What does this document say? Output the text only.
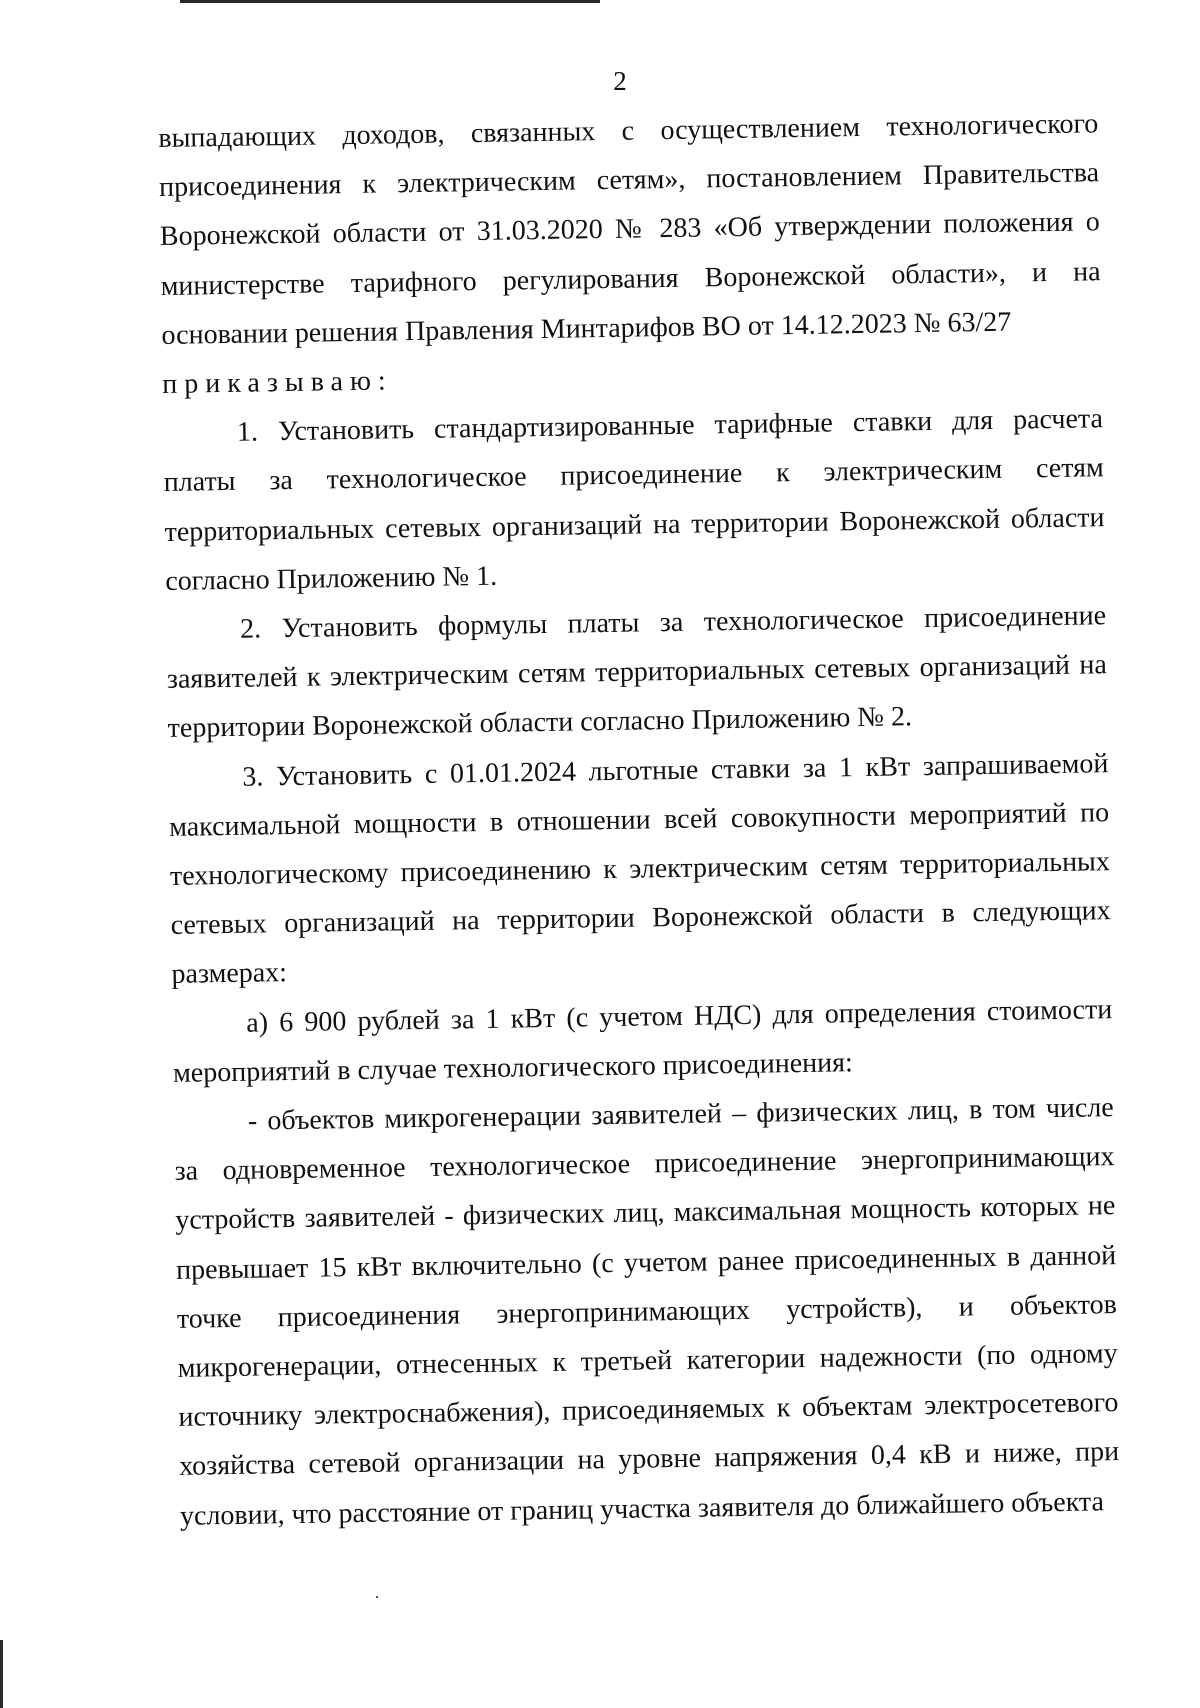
2

выпадающих доходов, связанных с осуществлением технологического присоединения к электрическим сетям», постановлением Правительства Воронежской области от 31.03.2020 № 283 «Об утверждении положения о министерстве тарифного регулирования Воронежской области», и на основании решения Правления Минтарифов ВО от 14.12.2023 № 63/27

приказываю:

1. Установить стандартизированные тарифные ставки для расчета платы за технологическое присоединение к электрическим сетям территориальных сетевых организаций на территории Воронежской области согласно Приложению № 1.

2. Установить формулы платы за технологическое присоединение заявителей к электрическим сетям территориальных сетевых организаций на территории Воронежской области согласно Приложению № 2.

3. Установить с 01.01.2024 льготные ставки за 1 кВт запрашиваемой максимальной мощности в отношении всей совокупности мероприятий по технологическому присоединению к электрическим сетям территориальных сетевых организаций на территории Воронежской области в следующих размерах:

а) 6 900 рублей за 1 кВт (с учетом НДС) для определения стоимости мероприятий в случае технологического присоединения:

- объектов микрогенерации заявителей – физических лиц, в том числе за одновременное технологическое присоединение энергопринимающих устройств заявителей - физических лиц, максимальная мощность которых не превышает 15 кВт включительно (с учетом ранее присоединенных в данной точке присоединения энергопринимающих устройств), и объектов микрогенерации, отнесенных к третьей категории надежности (по одному источнику электроснабжения), присоединяемых к объектам электросетевого хозяйства сетевой организации на уровне напряжения 0,4 кВ и ниже, при условии, что расстояние от границ участка заявителя до ближайшего объекта
